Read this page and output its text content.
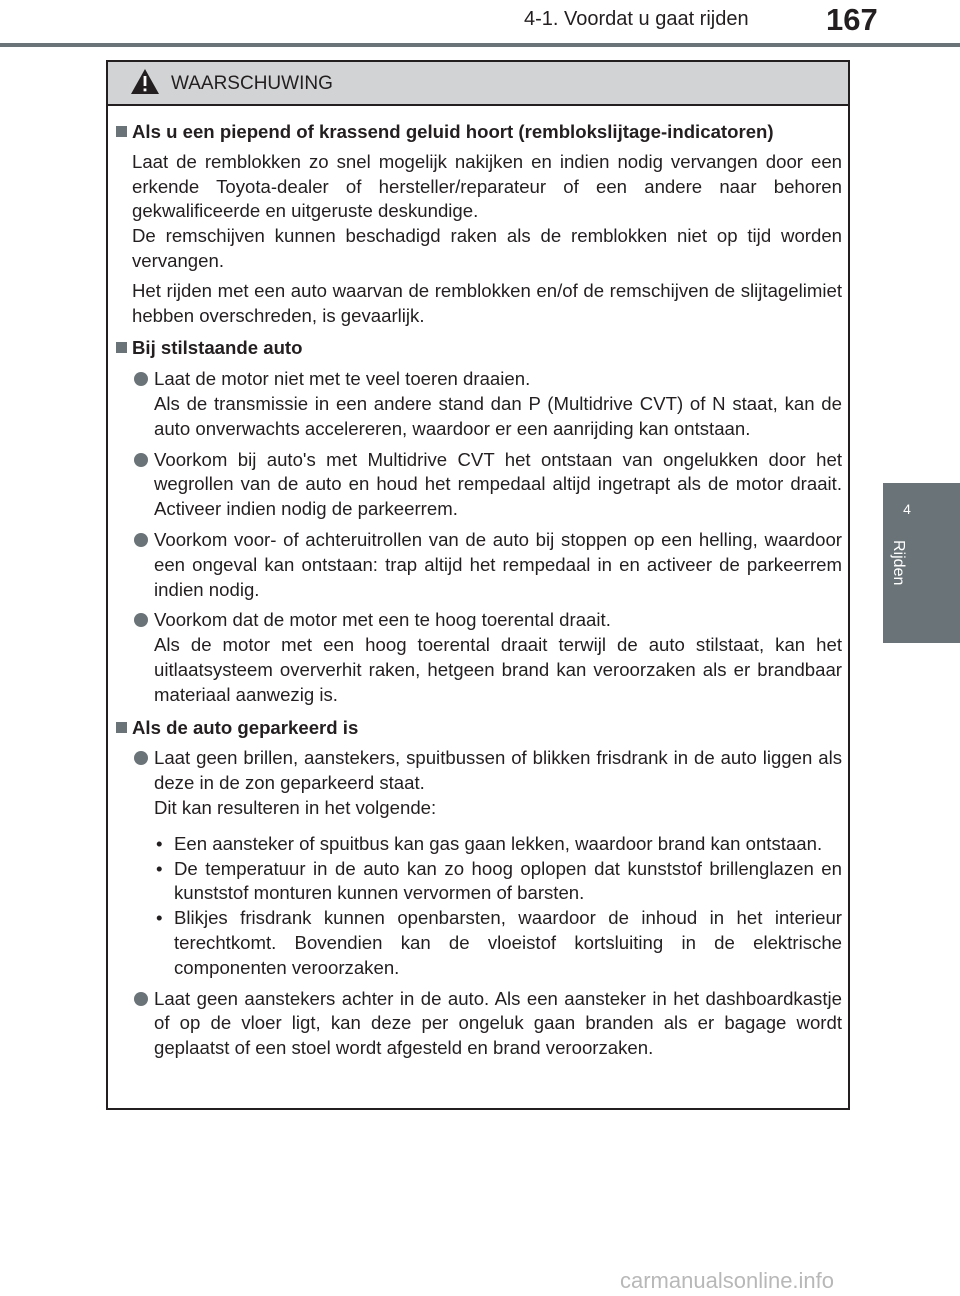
4-1. Voordat u gaat rijden 167
4
Rijden
WAARSCHUWING
Als u een piepend of krassend geluid hoort (remblokslijtage-indicatoren)
Laat de remblokken zo snel mogelijk nakijken en indien nodig vervangen door een erkende Toyota-dealer of hersteller/reparateur of een andere naar behoren gekwalificeerde en uitgeruste deskundige.
De remschijven kunnen beschadigd raken als de remblokken niet op tijd worden vervangen.
Het rijden met een auto waarvan de remblokken en/of de remschijven de slijtagelimiet hebben overschreden, is gevaarlijk.
Bij stilstaande auto
Laat de motor niet met te veel toeren draaien.
Als de transmissie in een andere stand dan P (Multidrive CVT) of N staat, kan de auto onverwachts accelereren, waardoor er een aanrijding kan ontstaan.
Voorkom bij auto's met Multidrive CVT het ontstaan van ongelukken door het wegrollen van de auto en houd het rempedaal altijd ingetrapt als de motor draait. Activeer indien nodig de parkeerrem.
Voorkom voor- of achteruitrollen van de auto bij stoppen op een helling, waardoor een ongeval kan ontstaan: trap altijd het rempedaal in en activeer de parkeerrem indien nodig.
Voorkom dat de motor met een te hoog toerental draait.
Als de motor met een hoog toerental draait terwijl de auto stilstaat, kan het uitlaatsysteem oververhit raken, hetgeen brand kan veroorzaken als er brandbaar materiaal aanwezig is.
Als de auto geparkeerd is
Laat geen brillen, aanstekers, spuitbussen of blikken frisdrank in de auto liggen als deze in de zon geparkeerd staat.
Dit kan resulteren in het volgende:
• Een aansteker of spuitbus kan gas gaan lekken, waardoor brand kan ontstaan.
• De temperatuur in de auto kan zo hoog oplopen dat kunststof brillenglazen en kunststof monturen kunnen vervormen of barsten.
• Blikjes frisdrank kunnen openbarsten, waardoor de inhoud in het interieur terechtkomt. Bovendien kan de vloeistof kortsluiting in de elektrische componenten veroorzaken.
Laat geen aanstekers achter in de auto. Als een aansteker in het dashboardkastje of op de vloer ligt, kan deze per ongeluk gaan branden als er bagage wordt geplaatst of een stoel wordt afgesteld en brand veroorzaken.
carmanualsonline.info
